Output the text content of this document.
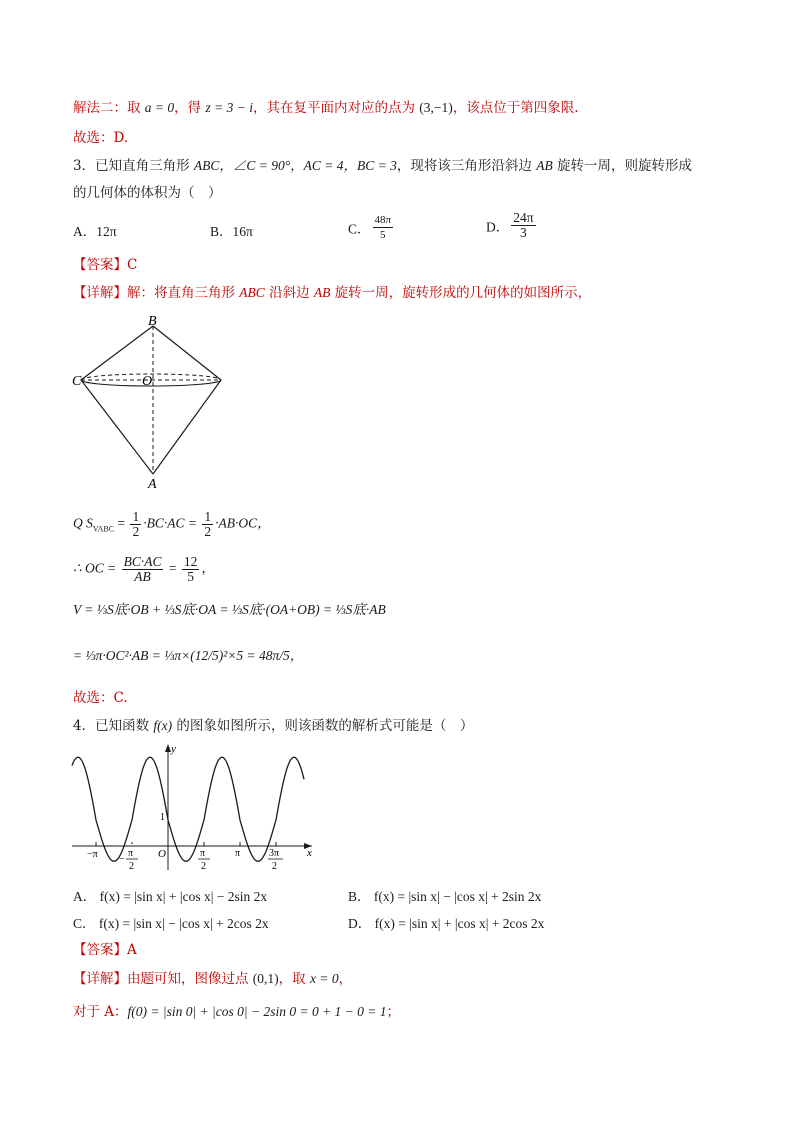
解法二：取 a = 0，得 z = 3 − i，其在复平面内对应的点为 (3,−1)，该点位于第四象限.
故选：D.
3．已知直角三角形 ABC，∠C = 90°，AC = 4，BC = 3，现将该三角形沿斜边 AB 旋转一周，则旋转形成
的几何体的体积为（　）
A．12π	B．16π	C． $\frac{48\pi}{5}$	D． $\frac{24\pi}{3}$
【答案】C
【详解】解：将直角三角形 ABC 沿斜边 AB 旋转一周，旋转形成的几何体的如图所示，
B
C	O
A
Q $S_{VABC} = \frac{1}{2} \cdot BC\cdot AC = \frac{1}{2} \cdot AB\cdot OC$，
∴ OC = $\frac{BC\cdot AC}{AB} = \frac{12}{5}$ ，
V = ⅓S底·OB + ⅓S底·OA = ⅓S底·(OA+OB) = ⅓S底·AB
= ⅓π·OC²·AB = ⅓π×(12/5)²×5 = 48π/5，
故选：C.
4．已知函数 f(x) 的图象如图所示，则该函数的解析式可能是（　）
y
x
1
O
−π −
π
2
π
2
π	3π
2
A． f(x) = |sin x| + |cos x| − 2sin 2x	B． f(x) = |sin x| − |cos x| + 2sin 2x
C． f(x) = |sin x| − |cos x| + 2cos 2x	D． f(x) = |sin x| + |cos x| + 2cos 2x
【答案】A
【详解】由题可知，图像过点 (0,1)，取 x = 0，
对于 A：f(0) = |sin 0| + |cos 0| − 2sin 0 = 0 + 1 − 0 = 1；
